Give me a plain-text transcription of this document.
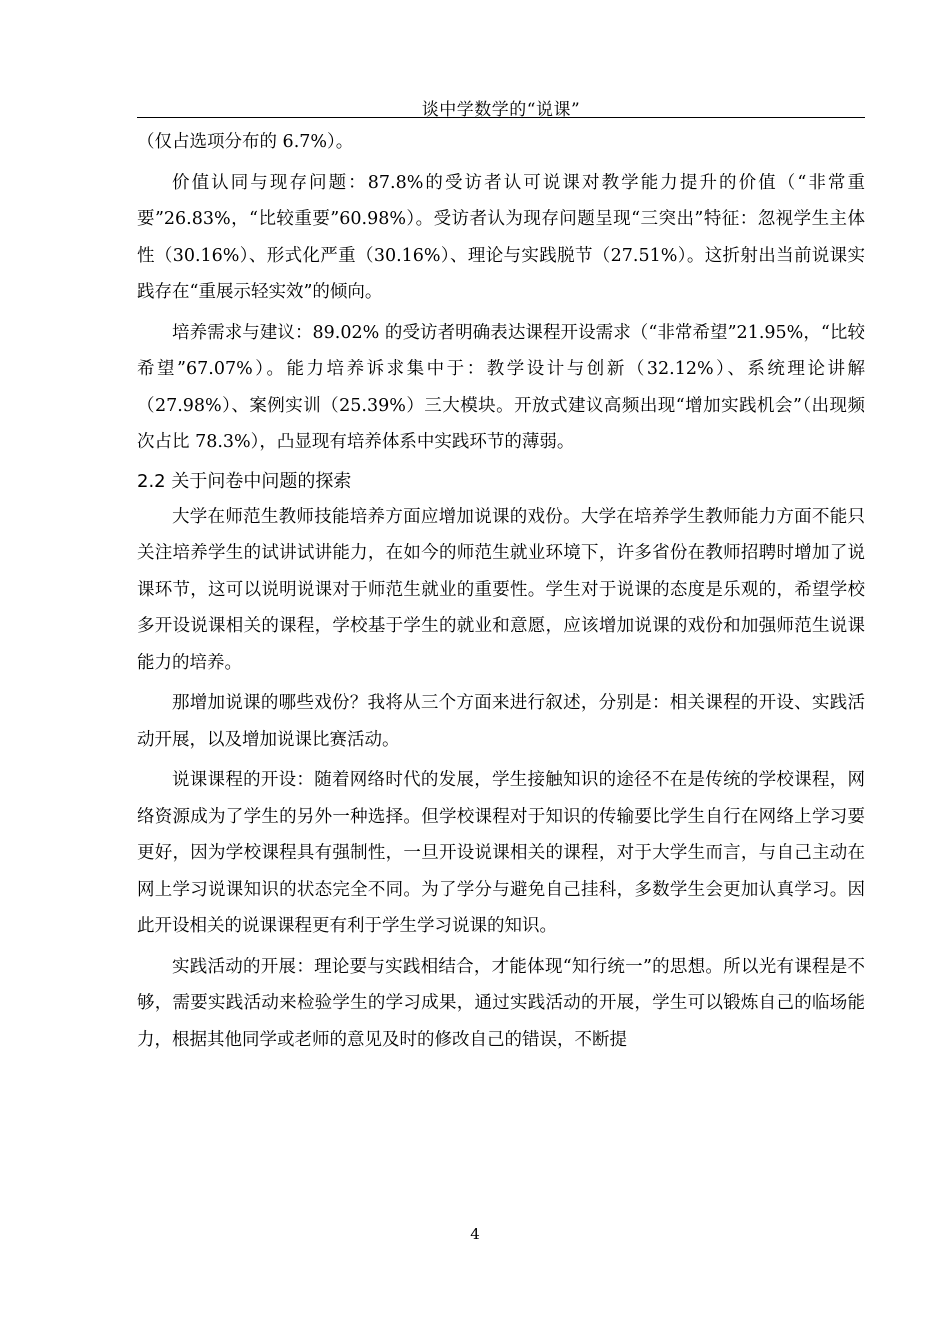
谈中学数学的“说课”

（仅占选项分布的 6.7%）。

价值认同与现存问题：87.8%的受访者认可说课对教学能力提升的价值（“非常重要”26.83%，“比较重要”60.98%）。受访者认为现存问题呈现“三突出”特征：忽视学生主体性（30.16%）、形式化严重（30.16%）、理论与实践脱节（27.51%）。这折射出当前说课实践存在“重展示轻实效”的倾向。

培养需求与建议：89.02% 的受访者明确表达课程开设需求（“非常希望”21.95%，“比较希望”67.07%）。能力培养诉求集中于：教学设计与创新（32.12%）、系统理论讲解（27.98%）、案例实训（25.39%）三大模块。开放式建议高频出现“增加实践机会”（出现频次占比 78.3%），凸显现有培养体系中实践环节的薄弱。

2.2 关于问卷中问题的探索

大学在师范生教师技能培养方面应增加说课的戏份。大学在培养学生教师能力方面不能只关注培养学生的试讲试讲能力，在如今的师范生就业环境下，许多省份在教师招聘时增加了说课环节，这可以说明说课对于师范生就业的重要性。学生对于说课的态度是乐观的，希望学校多开设说课相关的课程，学校基于学生的就业和意愿，应该增加说课的戏份和加强师范生说课能力的培养。

那增加说课的哪些戏份？我将从三个方面来进行叙述，分别是：相关课程的开设、实践活动开展，以及增加说课比赛活动。

说课课程的开设：随着网络时代的发展，学生接触知识的途径不在是传统的学校课程，网络资源成为了学生的另外一种选择。但学校课程对于知识的传输要比学生自行在网络上学习要更好，因为学校课程具有强制性，一旦开设说课相关的课程，对于大学生而言，与自己主动在网上学习说课知识的状态完全不同。为了学分与避免自己挂科，多数学生会更加认真学习。因此开设相关的说课课程更有利于学生学习说课的知识。

实践活动的开展：理论要与实践相结合，才能体现“知行统一”的思想。所以光有课程是不够，需要实践活动来检验学生的学习成果，通过实践活动的开展，学生可以锻炼自己的临场能力，根据其他同学或老师的意见及时的修改自己的错误，不断提

4
